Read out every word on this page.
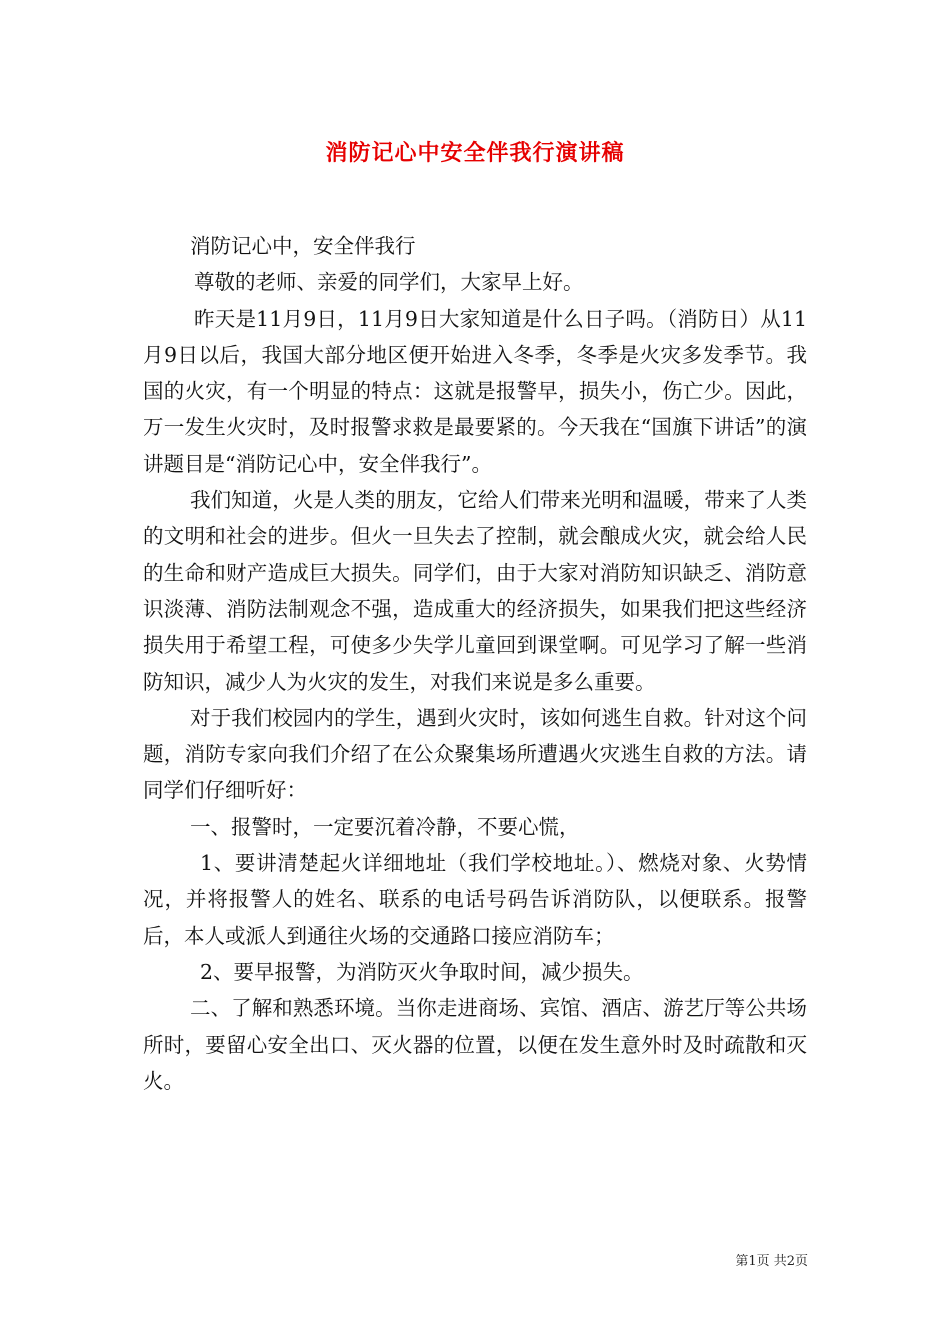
消防记心中安全伴我行演讲稿

消防记心中，安全伴我行

尊敬的老师、亲爱的同学们，大家早上好。

昨天是11月9日，11月9日大家知道是什么日子吗。（消防日）从11月9日以后，我国大部分地区便开始进入冬季，冬季是火灾多发季节。我国的火灾，有一个明显的特点：这就是报警早，损失小，伤亡少。因此，万一发生火灾时，及时报警求救是最要紧的。今天我在“国旗下讲话”的演讲题目是“消防记心中，安全伴我行”。

我们知道，火是人类的朋友，它给人们带来光明和温暖，带来了人类的文明和社会的进步。但火一旦失去了控制，就会酿成火灾，就会给人民的生命和财产造成巨大损失。同学们，由于大家对消防知识缺乏、消防意识淡薄、消防法制观念不强，造成重大的经济损失，如果我们把这些经济损失用于希望工程，可使多少失学儿童回到课堂啊。可见学习了解一些消防知识，减少人为火灾的发生，对我们来说是多么重要。

对于我们校园内的学生，遇到火灾时，该如何逃生自救。针对这个问题，消防专家向我们介绍了在公众聚集场所遭遇火灾逃生自救的方法。请同学们仔细听好：

一、报警时，一定要沉着冷静，不要心慌，

1、要讲清楚起火详细地址（我们学校地址。）、燃烧对象、火势情况，并将报警人的姓名、联系的电话号码告诉消防队，以便联系。报警后，本人或派人到通往火场的交通路口接应消防车；

2、要早报警，为消防灭火争取时间，减少损失。

二、了解和熟悉环境。当你走进商场、宾馆、酒店、游艺厅等公共场所时，要留心安全出口、灭火器的位置，以便在发生意外时及时疏散和灭火。

第1页 共2页
